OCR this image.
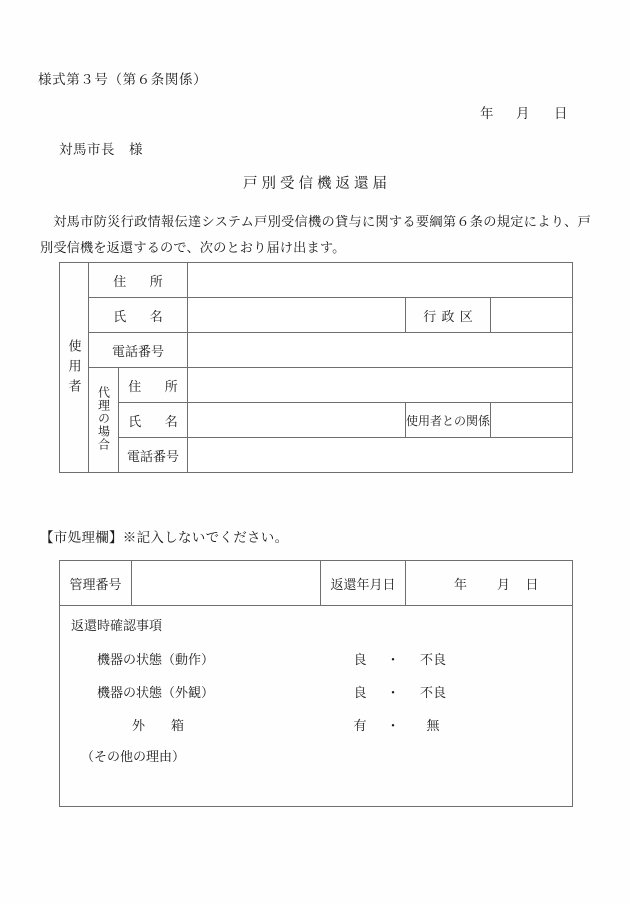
様式第３号（第６条関係）
年 月 日
対馬市長 様
戸別受信機返還届
対馬市防災行政情報伝達システム戸別受信機の貸与に関する要綱第６条の規定により、戸別受信機を返還するので、次のとおり届け出ます。
使用者	住　所				
	氏　名			行政区	
	電話番号				
	代理の場合	住　所			
		氏　名		使用者との関係	
		電話番号			
【市処理欄】※記入しないでください。
管理番号		返還年月日	年 月 日

返還時確認事項
機器の状態（動作）	良	・	不良
機器の状態（外観）	良	・	不良
外　箱	有	・	無
（その他の理由）
